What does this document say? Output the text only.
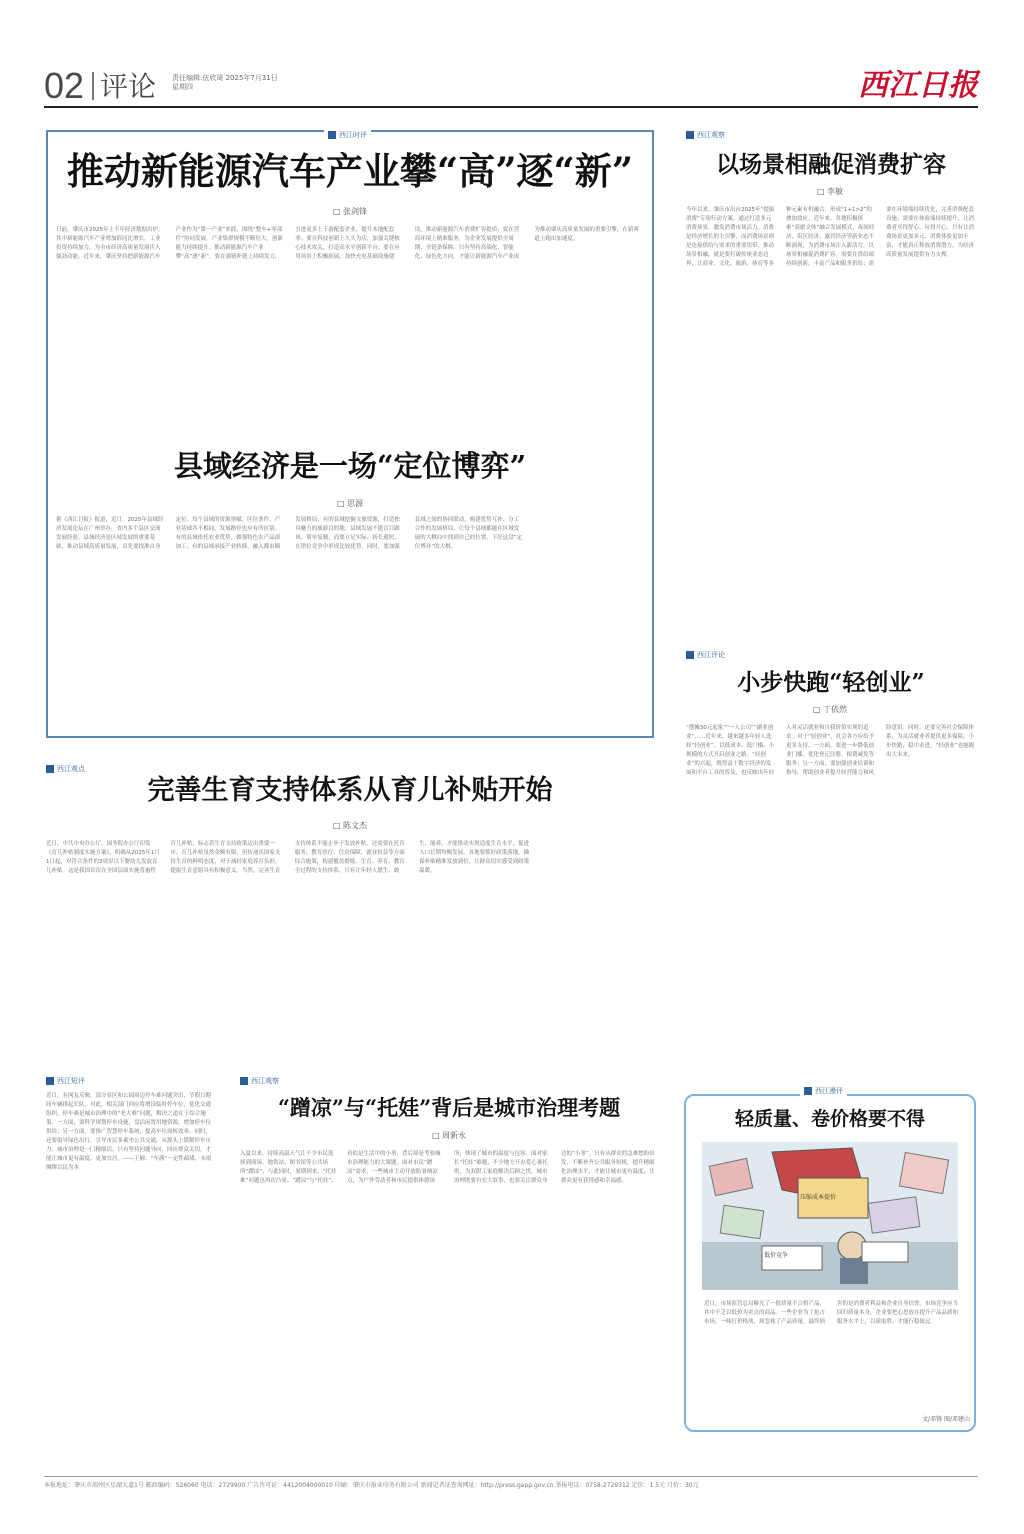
02 评论 责任编辑:伍欣琦 2025年7月31日 星期四	西江日报
西江时评
推动新能源汽车产业攀“高”逐“新”
□ 张剑锋
日前，肇庆市2025年上半年经济数据出炉，其中新能源汽车产业增加值同比增长，工业投资持续加力，为全市经济高质量发展注入强劲动能。近年来，肇庆坚持把新能源汽车产业作为“第一产业”来抓，围绕“整车+零部件”协同发展，产业集群规模不断壮大，创新能力持续提升。推动新能源汽车产业攀“高”逐“新”，要在强链补链上持续发力，引进更多上下游配套企业，提升本地配套率；要在科技创新上久久为功，加强关键核心技术攻关，打造高水平创新平台；要在应用场景上积极拓展，加快充电基础设施建设，推动新能源汽车消费扩容提质；要在营商环境上精准服务，为企业发展提供全周期、全链条保障。只有坚持高端化、智能化、绿色化方向，才能让新能源汽车产业成为推动肇庆高质量发展的重要引擎，在新赛道上跑出加速度。
县域经济是一场“定位博弈”
□ 思源
据《西江日报》报道，近日，2025年县域经济发展论坛在广州举办，省内多个县区交流发展经验。县域经济是区域发展的重要基础，推动县域高质量发展，首先要找准自身定位。每个县域的资源禀赋、区位条件、产业基础各不相同，发展路径也应有所区别。有的县域依托农业优势，做强特色农产品深加工；有的县域承接产业转移，融入都市圈发展格局；有的县域挖掘文旅资源，打造独具魅力的旅游目的地。县域发展不能盲目跟风、简单复制，而要立足实际、扬长避短，在错位竞争中形成比较优势。同时，要加强县域之间的协同联动，构建优势互补、分工合作的发展格局，让每个县域都能在区域发展的大棋局中找到自己的位置，下好这盘“定位博弈”的大棋。
西江观察
以场景相融促消费扩容
□ 李敏
今年以来，肇庆市出台2025年“提振消费”专项行动方案，通过打造多元消费场景，激发消费市场活力。消费是经济增长的主引擎，而消费场景则是连接供给与需求的重要纽带。推动场景相融，就是要打破传统业态边界，让商业、文化、旅游、体育等多种元素有机融合，形成“1+1>2”的叠加效应。近年来，各地积极探索“商旅文体”融合发展模式，夜间经济、街区经济、露营经济等新业态不断涌现，为消费市场注入新活力。以场景相融促消费扩容，需要在供给端持续创新，丰富产品和服务供给；需要在环境端持续优化，完善消费配套设施；需要在体验端持续提升，让消费者买得舒心、玩得开心。只有让消费场景更加多元、消费体验更加丰富，才能真正释放消费潜力，为经济高质量发展提供有力支撑。
西江评论
小步快跑“轻创业”
□ 丁依然
“摆摊30元起家”“一人公司”“副业创业”……近年来，越来越多年轻人选择“轻创业”，以低成本、低门槛、小规模的方式开启创业之路。“轻创业”的兴起，既得益于数字经济的发展和平台工具的普及，也反映出年轻人对灵活就业和自我价值实现的追求。对于“轻创业”，社会各方应给予更多支持。一方面，要进一步降低创业门槛，优化登记注册、税费减免等服务；另一方面，要加强创业培训和指导，帮助创业者提升经营能力和风险意识。同时，还要完善社会保障体系，为灵活就业者提供更多保障。小步快跑，稳中求进，“轻创业”也能跑出大未来。
西江观点
完善生育支持体系从育儿补贴开始
□ 陈文杰
近日，中共中央办公厅、国务院办公厅印发《育儿补贴制度实施方案》，明确从2025年1月1日起，对符合条件的3周岁以下婴幼儿发放育儿补贴。这是我国首次在全国层面实施普惠性育儿补贴，标志着生育支持政策迈出重要一步。育儿补贴虽然金额有限，但传递出国家支持生育的鲜明态度，对于减轻家庭养育负担、提振生育意愿具有积极意义。当然，完善生育支持体系不能止步于发放补贴，还需要在托育服务、教育医疗、住房保障、就业权益等方面综合施策，构建覆盖婚嫁、生育、养育、教育全过程的支持体系。只有让年轻人愿生、敢生、能养，才能推动实现适度生育水平，促进人口长期均衡发展。各地要抓好政策落地，确保补贴精准发放到位，让群众切实感受到政策温暖。
西江短评
近日，有网友反映，部分景区和公园周边停车难问题突出，节假日期间车辆排起长队。对此，相关部门回应将增设临时停车位，优化交通组织。停车难是城市治理中的“老大难”问题，解决之道在于综合施策。一方面，要科学规划停车设施，盘活闲置用地资源，增加停车位供给；另一方面，要推广智慧停车系统，提高车位周转效率。同时，还要倡导绿色出行，引导市民多乘坐公共交通，从源头上缓解停车压力。城市治理是一门精细活，只有坚持问题导向、回应群众关切，才能让城市更有温度、更加宜居。——王楠：“车满”一定性疏堵，未雨绸缪以民为本
西江观察
“蹭凉”与“托娃”背后是城市治理考题
□ 周新永
入夏以来，持续高温天气让不少市民选择到商场、地铁站、图书馆等公共场所“蹭凉”，与此同时，暑期到来，“托娃难”问题也再次凸显。“蹭凉”与“托娃”，看似是生活中的小事，背后却是考验城市治理能力的大课题。面对市民“蹭凉”需求，一些城市主动开放防暑纳凉点，为户外劳动者和市民提供休憩场所，体现了城市的温度与包容。面对家长“托娃”难题，不少地方开办爱心暑托班，为双职工家庭解决后顾之忧。城市治理既要有宏大叙事，也要关注群众身边的“小事”。只有从群众的急难愁盼出发，不断补齐公共服务短板，提升精细化治理水平，才能让城市更有温度、让群众更有获得感和幸福感。
西江漫评
轻质量、卷价格要不得
压缩成本提价
低价竞争
近日，市场监管总局曝光了一批质量不合格产品，其中不乏以低价为卖点的商品。一些企业为了抢占市场，一味打价格战，却忽视了产品质量，最终损害的是消费者利益和企业自身信誉。市场竞争应当回归质量本身，企业要把心思放在提升产品品质和服务水平上，以质取胜，才能行稳致远。
文/邓锋 图/邓建山
本报地址：肇庆市端州区星湖大道1号 邮政编码：526060 电话：2729900 广告许可证：4412004000010 印刷：肇庆市报业印务有限公司 新闻记者证查询网址：http://press.gapp.gov.cn 举报电话：0758-2729312 定价：1.5元 月价：30元
